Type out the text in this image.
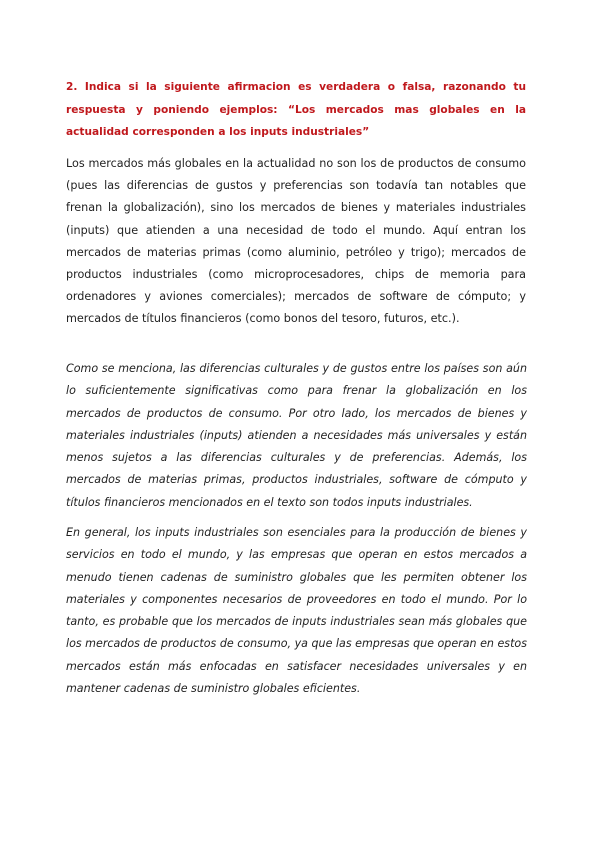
2. Indica si la siguiente afirmacion es verdadera o falsa, razonando tu respuesta y poniendo ejemplos: “Los mercados mas globales en la actualidad corresponden a los inputs industriales”

Los mercados más globales en la actualidad no son los de productos de consumo (pues las diferencias de gustos y preferencias son todavía tan notables que frenan la globalización), sino los mercados de bienes y materiales industriales (inputs) que atienden a una necesidad de todo el mundo. Aquí entran los mercados de materias primas (como aluminio, petróleo y trigo); mercados de productos industriales (como microprocesadores, chips de memoria para ordenadores y aviones comerciales); mercados de software de cómputo; y mercados de títulos financieros (como bonos del tesoro, futuros, etc.).

Como se menciona, las diferencias culturales y de gustos entre los países son aún lo suficientemente significativas como para frenar la globalización en los mercados de productos de consumo. Por otro lado, los mercados de bienes y materiales industriales (inputs) atienden a necesidades más universales y están menos sujetos a las diferencias culturales y de preferencias. Además, los mercados de materias primas, productos industriales, software de cómputo y títulos financieros mencionados en el texto son todos inputs industriales.

En general, los inputs industriales son esenciales para la producción de bienes y servicios en todo el mundo, y las empresas que operan en estos mercados a menudo tienen cadenas de suministro globales que les permiten obtener los materiales y componentes necesarios de proveedores en todo el mundo. Por lo tanto, es probable que los mercados de inputs industriales sean más globales que los mercados de productos de consumo, ya que las empresas que operan en estos mercados están más enfocadas en satisfacer necesidades universales y en mantener cadenas de suministro globales eficientes.
